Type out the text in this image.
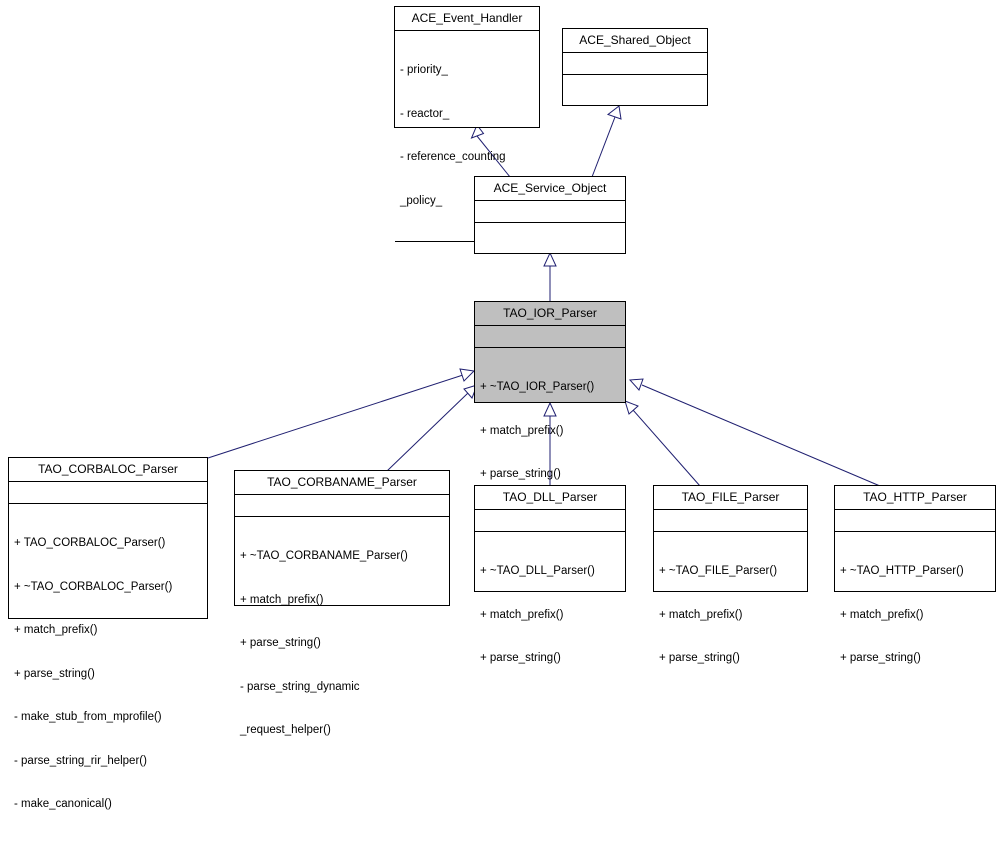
ACE_Event_Handler

- priority_

- reactor_

- reference_counting

_policy_

ACE_Shared_Object
ACE_Service_Object
TAO_IOR_Parser

+ ~TAO_IOR_Parser()

+ match_prefix()

+ parse_string()

TAO_CORBALOC_Parser

+ TAO_CORBALOC_Parser()

+ ~TAO_CORBALOC_Parser()

+ match_prefix()

+ parse_string()

- make_stub_from_mprofile()

- parse_string_rir_helper()

- make_canonical()

TAO_CORBANAME_Parser

+ ~TAO_CORBANAME_Parser()

+ match_prefix()

+ parse_string()

- parse_string_dynamic

_request_helper()

TAO_DLL_Parser

+ ~TAO_DLL_Parser()

+ match_prefix()

+ parse_string()

TAO_FILE_Parser

+ ~TAO_FILE_Parser()

+ match_prefix()

+ parse_string()

TAO_HTTP_Parser

+ ~TAO_HTTP_Parser()

+ match_prefix()

+ parse_string()
